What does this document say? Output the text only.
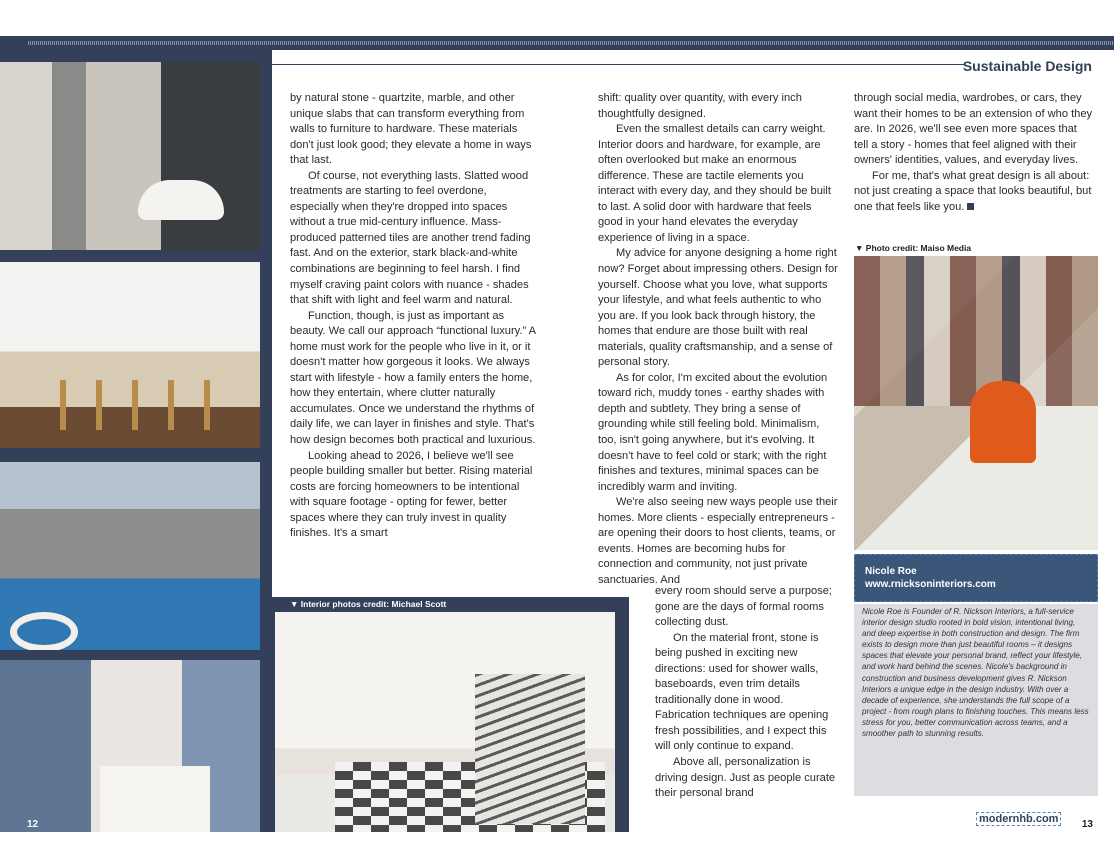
12	13
Sustainable Design

by natural stone - quartzite, marble, and other unique slabs that can transform everything from walls to furniture to hardware. These materials don't just look good; they elevate a home in ways that last.

Of course, not everything lasts. Slatted wood treatments are starting to feel overdone, especially when they're dropped into spaces without a true mid-century influence. Mass-produced patterned tiles are another trend fading fast. And on the exterior, stark black-and-white combinations are beginning to feel harsh. I find myself craving paint colors with nuance - shades that shift with light and feel warm and natural.

Function, though, is just as important as beauty. We call our approach “functional luxury.” A home must work for the people who live in it, or it doesn't matter how gorgeous it looks. We always start with lifestyle - how a family enters the home, how they entertain, where clutter naturally accumulates. Once we understand the rhythms of daily life, we can layer in finishes and style. That's how design becomes both practical and luxurious.

Looking ahead to 2026, I believe we'll see people building smaller but better. Rising material costs are forcing homeowners to be intentional with square footage - opting for fewer, better spaces where they can truly invest in quality finishes. It's a smart

shift: quality over quantity, with every inch thoughtfully designed.

Even the smallest details can carry weight. Interior doors and hardware, for example, are often overlooked but make an enormous difference. These are tactile elements you interact with every day, and they should be built to last. A solid door with hardware that feels good in your hand elevates the everyday experience of living in a space.

My advice for anyone designing a home right now? Forget about impressing others. Design for yourself. Choose what you love, what supports your lifestyle, and what feels authentic to who you are. If you look back through history, the homes that endure are those built with real materials, quality craftsmanship, and a sense of personal story.

As for color, I'm excited about the evolution toward rich, muddy tones - earthy shades with depth and subtlety. They bring a sense of grounding while still feeling bold. Minimalism, too, isn't going anywhere, but it's evolving. It doesn't have to feel cold or stark; with the right finishes and textures, minimal spaces can be incredibly warm and inviting.

We're also seeing new ways people use their homes. More clients - especially entrepreneurs - are opening their doors to host clients, teams, or events. Homes are becoming hubs for connection and community, not just private sanctuaries. And

every room should serve a purpose; gone are the days of formal rooms collecting dust.

On the material front, stone is being pushed in exciting new directions: used for shower walls, baseboards, even trim details traditionally done in wood. Fabrication techniques are opening fresh possibilities, and I expect this will only continue to expand.

Above all, personalization is driving design. Just as people curate their personal brand

through social media, wardrobes, or cars, they want their homes to be an extension of who they are. In 2026, we'll see even more spaces that tell a story - homes that feel aligned with their owners' identities, values, and everyday lives.

For me, that's what great design is all about: not just creating a space that looks beautiful, but one that feels like you.

▼ Interior photos credit: Michael Scott
▼ Photo credit: Maiso Media
Nicole Roe
www.rnicksoninteriors.com

Nicole Roe is Founder of R. Nickson Interiors, a full-service interior design studio rooted in bold vision, intentional living, and deep expertise in both construction and design. The firm exists to design more than just beautiful rooms – it designs spaces that elevate your personal brand, reflect your lifestyle, and work hard behind the scenes. Nicole's background in construction and business development gives R. Nickson Interiors a unique edge in the design industry. With over a decade of experience, she understands the full scope of a project - from rough plans to finishing touches. This means less stress for you, better communication across teams, and a smoother path to stunning results.

modernhb.com
